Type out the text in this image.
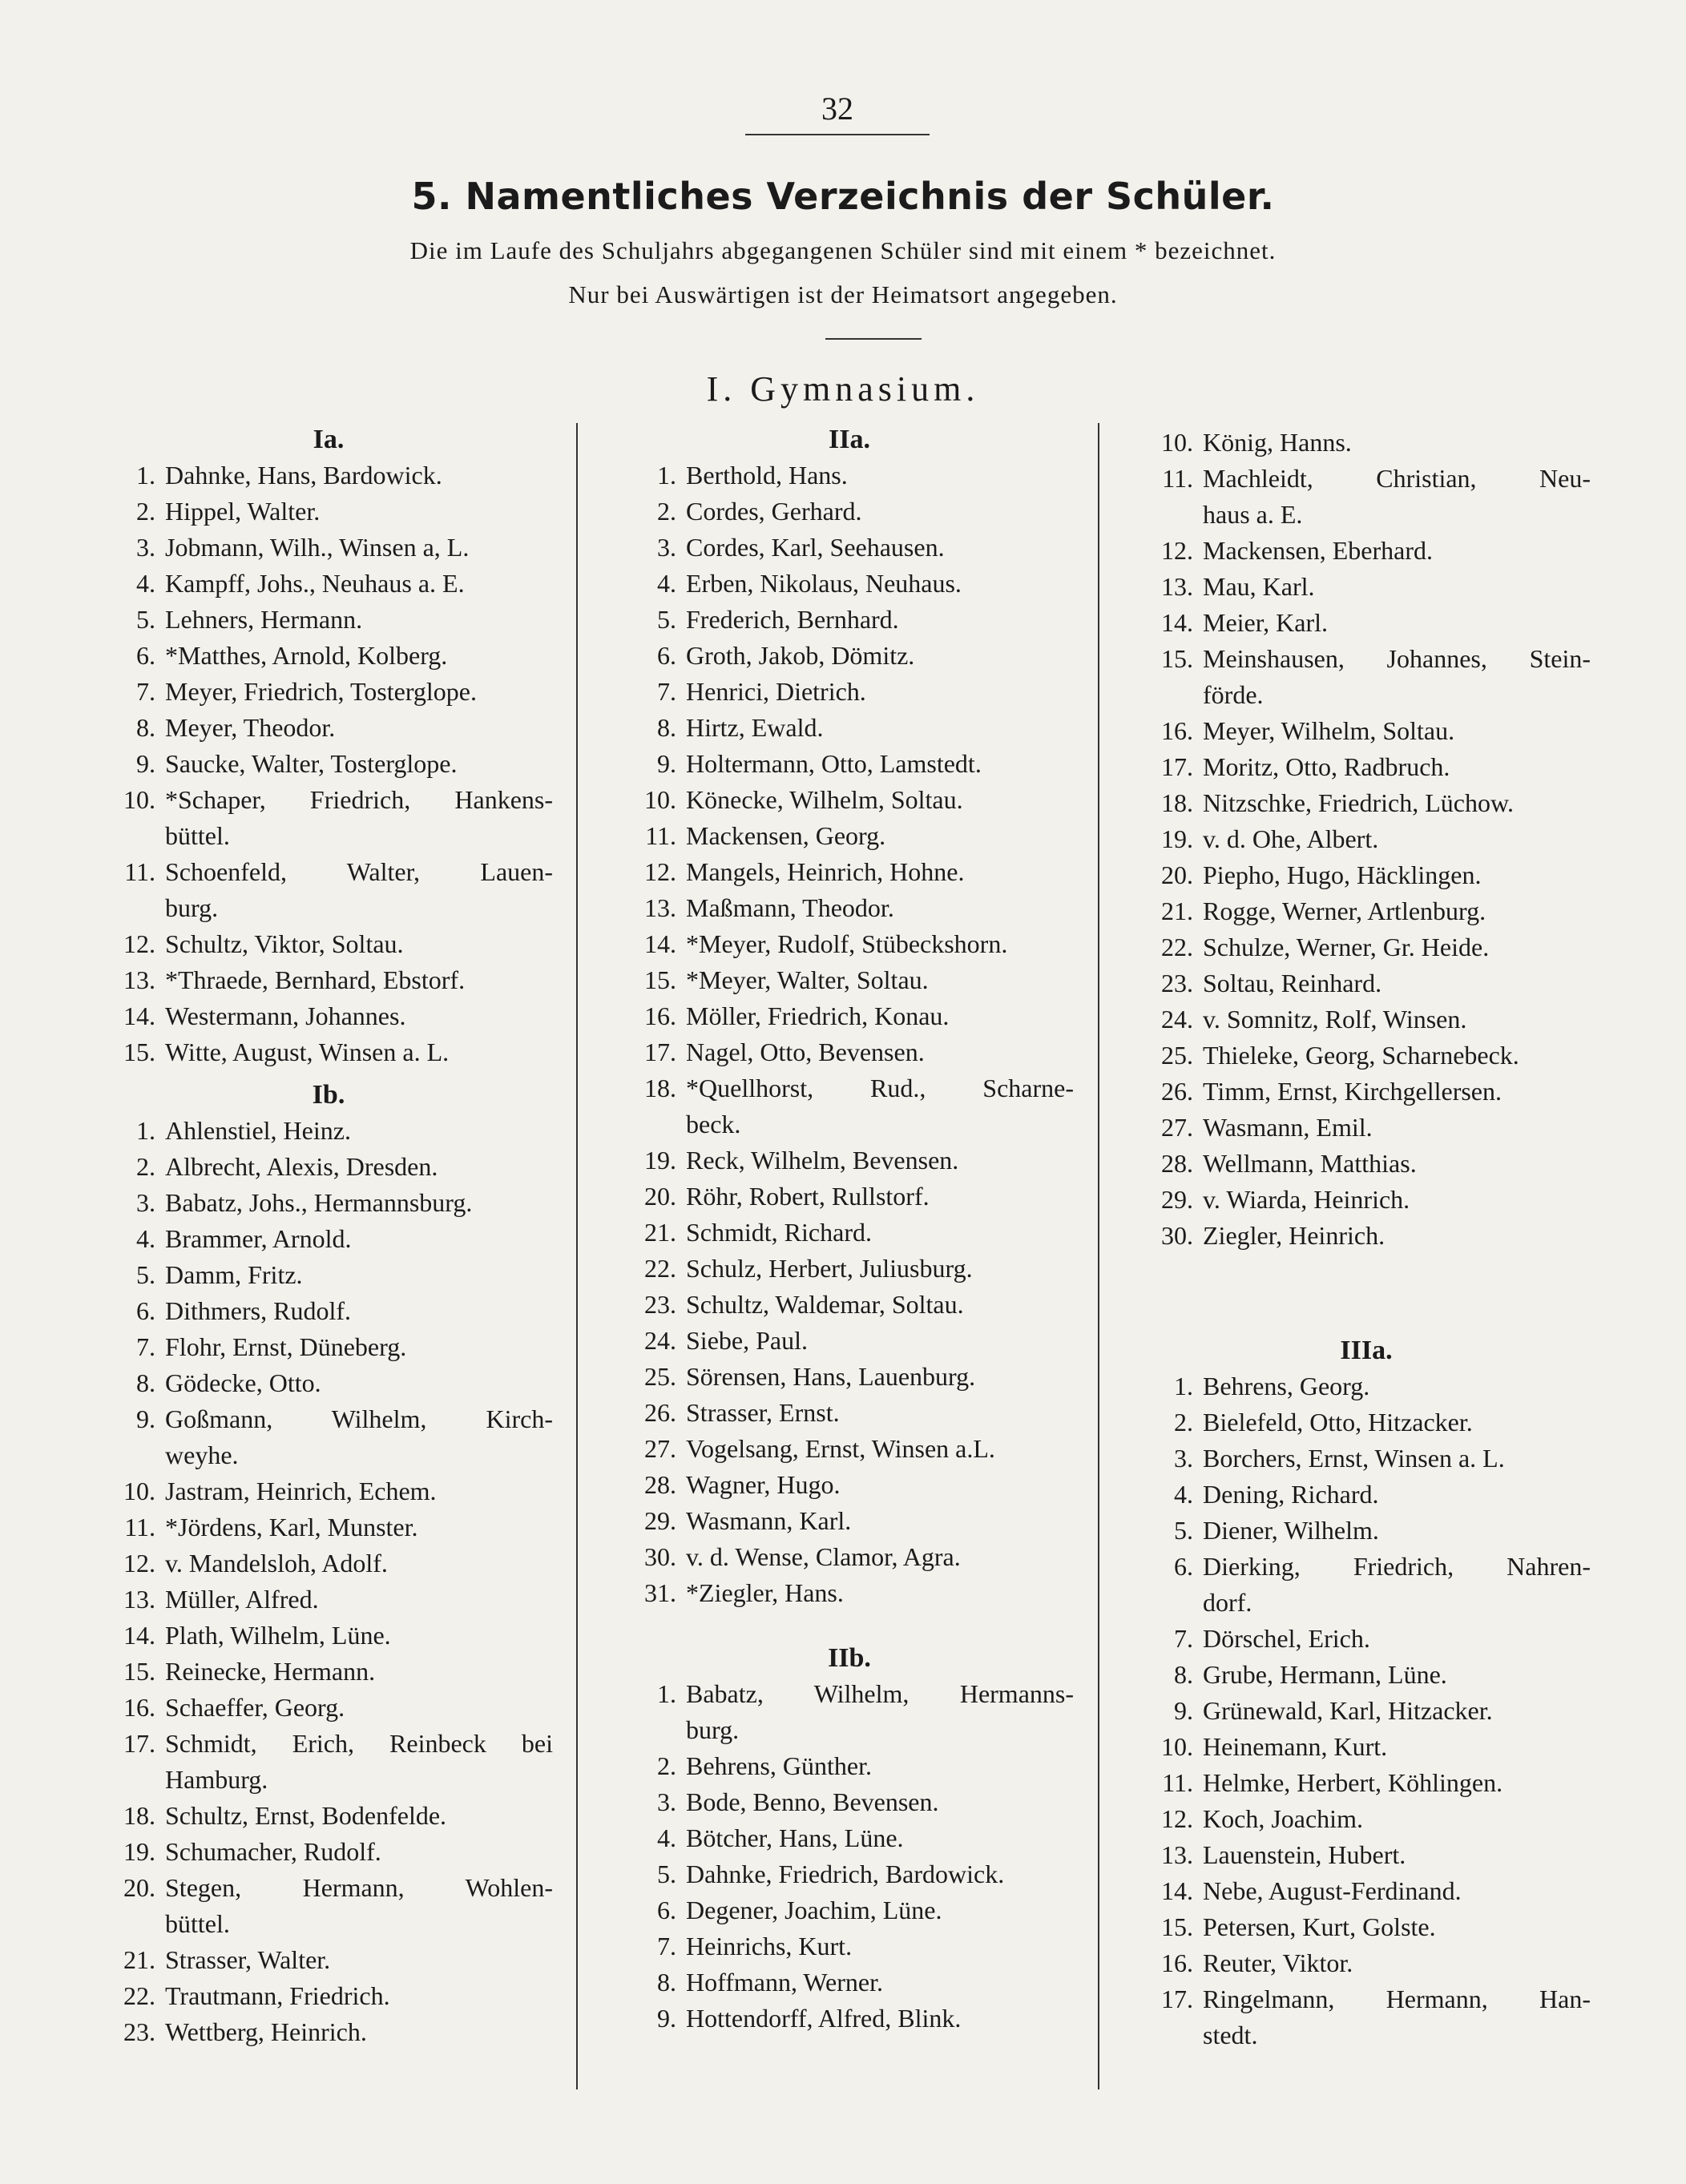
32
5. Namentliches Verzeichnis der Schüler.
Die im Laufe des Schuljahrs abgegangenen Schüler sind mit einem * bezeichnet.
Nur bei Auswärtigen ist der Heimatsort angegeben.
I. Gymnasium.
Ia.
1. Dahnke, Hans, Bardowick.
2. Hippel, Walter.
3. Jobmann, Wilh., Winsen a, L.
4. Kampff, Johs., Neuhaus a. E.
5. Lehners, Hermann.
6. *Matthes, Arnold, Kolberg.
7. Meyer, Friedrich, Tosterglope.
8. Meyer, Theodor.
9. Saucke, Walter, Tosterglope.
10. *Schaper, Friedrich, Hankens-
büttel.
11. Schoenfeld, Walter, Lauen-
burg.
12. Schultz, Viktor, Soltau.
13. *Thraede, Bernhard, Ebstorf.
14. Westermann, Johannes.
15. Witte, August, Winsen a. L.
Ib.
1. Ahlenstiel, Heinz.
2. Albrecht, Alexis, Dresden.
3. Babatz, Johs., Hermannsburg.
4. Brammer, Arnold.
5. Damm, Fritz.
6. Dithmers, Rudolf.
7. Flohr, Ernst, Düneberg.
8. Gödecke, Otto.
9. Goßmann, Wilhelm, Kirch-
weyhe.
10. Jastram, Heinrich, Echem.
11. *Jördens, Karl, Munster.
12. v. Mandelsloh, Adolf.
13. Müller, Alfred.
14. Plath, Wilhelm, Lüne.
15. Reinecke, Hermann.
16. Schaeffer, Georg.
17. Schmidt, Erich, Reinbeck bei
Hamburg.
18. Schultz, Ernst, Bodenfelde.
19. Schumacher, Rudolf.
20. Stegen, Hermann, Wohlen-
büttel.
21. Strasser, Walter.
22. Trautmann, Friedrich.
23. Wettberg, Heinrich.
IIa.
1. Berthold, Hans.
2. Cordes, Gerhard.
3. Cordes, Karl, Seehausen.
4. Erben, Nikolaus, Neuhaus.
5. Frederich, Bernhard.
6. Groth, Jakob, Dömitz.
7. Henrici, Dietrich.
8. Hirtz, Ewald.
9. Holtermann, Otto, Lamstedt.
10. Könecke, Wilhelm, Soltau.
11. Mackensen, Georg.
12. Mangels, Heinrich, Hohne.
13. Maßmann, Theodor.
14. *Meyer, Rudolf, Stübeckshorn.
15. *Meyer, Walter, Soltau.
16. Möller, Friedrich, Konau.
17. Nagel, Otto, Bevensen.
18. *Quellhorst, Rud., Scharne-
beck.
19. Reck, Wilhelm, Bevensen.
20. Röhr, Robert, Rullstorf.
21. Schmidt, Richard.
22. Schulz, Herbert, Juliusburg.
23. Schultz, Waldemar, Soltau.
24. Siebe, Paul.
25. Sörensen, Hans, Lauenburg.
26. Strasser, Ernst.
27. Vogelsang, Ernst, Winsen a.L.
28. Wagner, Hugo.
29. Wasmann, Karl.
30. v. d. Wense, Clamor, Agra.
31. *Ziegler, Hans.
IIb.
1. Babatz, Wilhelm, Hermanns-
burg.
2. Behrens, Günther.
3. Bode, Benno, Bevensen.
4. Bötcher, Hans, Lüne.
5. Dahnke, Friedrich, Bardowick.
6. Degener, Joachim, Lüne.
7. Heinrichs, Kurt.
8. Hoffmann, Werner.
9. Hottendorff, Alfred, Blink.
10. König, Hanns.
11. Machleidt, Christian, Neu-
haus a. E.
12. Mackensen, Eberhard.
13. Mau, Karl.
14. Meier, Karl.
15. Meinshausen, Johannes, Stein-
förde.
16. Meyer, Wilhelm, Soltau.
17. Moritz, Otto, Radbruch.
18. Nitzschke, Friedrich, Lüchow.
19. v. d. Ohe, Albert.
20. Piepho, Hugo, Häcklingen.
21. Rogge, Werner, Artlenburg.
22. Schulze, Werner, Gr. Heide.
23. Soltau, Reinhard.
24. v. Somnitz, Rolf, Winsen.
25. Thieleke, Georg, Scharnebeck.
26. Timm, Ernst, Kirchgellersen.
27. Wasmann, Emil.
28. Wellmann, Matthias.
29. v. Wiarda, Heinrich.
30. Ziegler, Heinrich.
IIIa.
1. Behrens, Georg.
2. Bielefeld, Otto, Hitzacker.
3. Borchers, Ernst, Winsen a. L.
4. Dening, Richard.
5. Diener, Wilhelm.
6. Dierking, Friedrich, Nahren-
dorf.
7. Dörschel, Erich.
8. Grube, Hermann, Lüne.
9. Grünewald, Karl, Hitzacker.
10. Heinemann, Kurt.
11. Helmke, Herbert, Köhlingen.
12. Koch, Joachim.
13. Lauenstein, Hubert.
14. Nebe, August-Ferdinand.
15. Petersen, Kurt, Golste.
16. Reuter, Viktor.
17. Ringelmann, Hermann, Han-
stedt.
